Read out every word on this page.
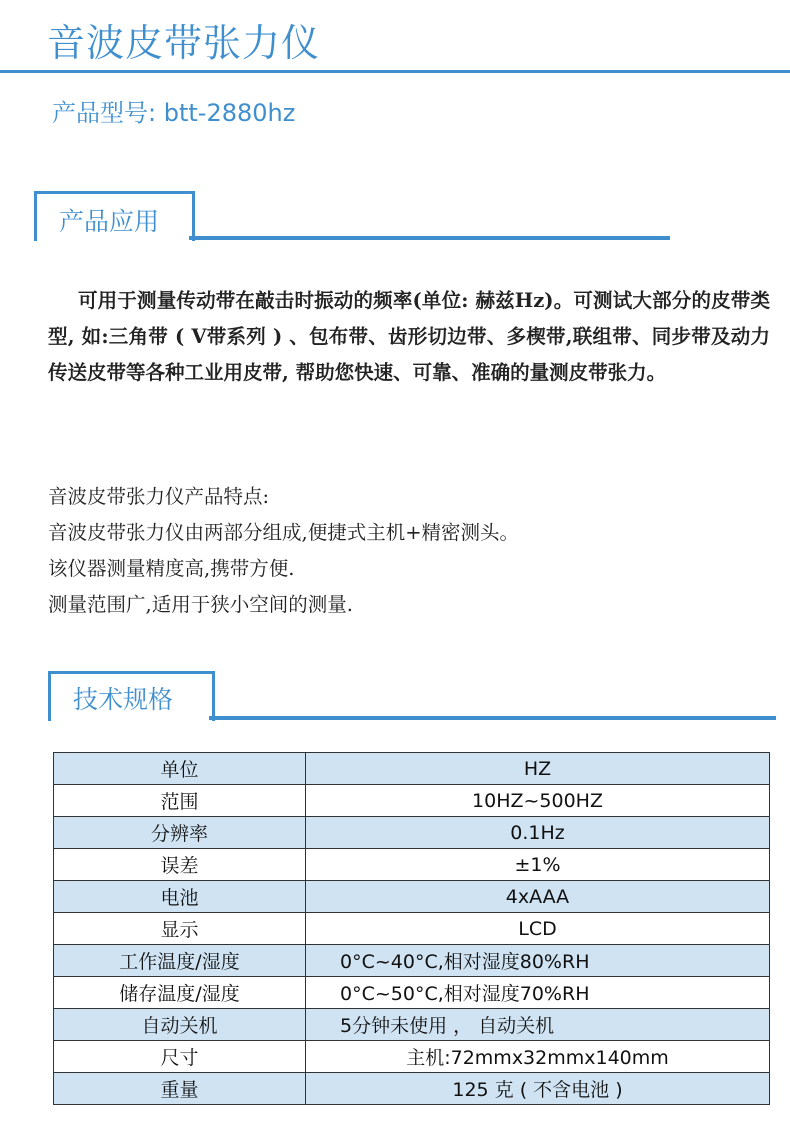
音波皮带张力仪
产品型号: btt-2880hz
产品应用
可用于测量传动带在敲击时振动的频率(单位: 赫兹Hz)。可测试大部分的皮带类型, 如:三角带 ( V带系列 ) 、包布带、齿形切边带、多楔带,联组带、同步带及动力传送皮带等各种工业用皮带, 帮助您快速、可靠、准确的量测皮带张力。
音波皮带张力仪产品特点:
音波皮带张力仪由两部分组成,便捷式主机+精密测头。
该仪器测量精度高,携带方便.
测量范围广,适用于狭小空间的测量.
技术规格
单位	HZ
范围	10HZ~500HZ
分辨率	0.1Hz
误差	±1%
电池	4xAAA
显示	LCD
工作温度/湿度	0°C~40°C,相对湿度80%RH
储存温度/湿度	0°C~50°C,相对湿度70%RH
自动关机	5分钟未使用 ， 自动关机
尺寸	主机:72mmx32mmx140mm
重量	125 克 ( 不含电池 )
